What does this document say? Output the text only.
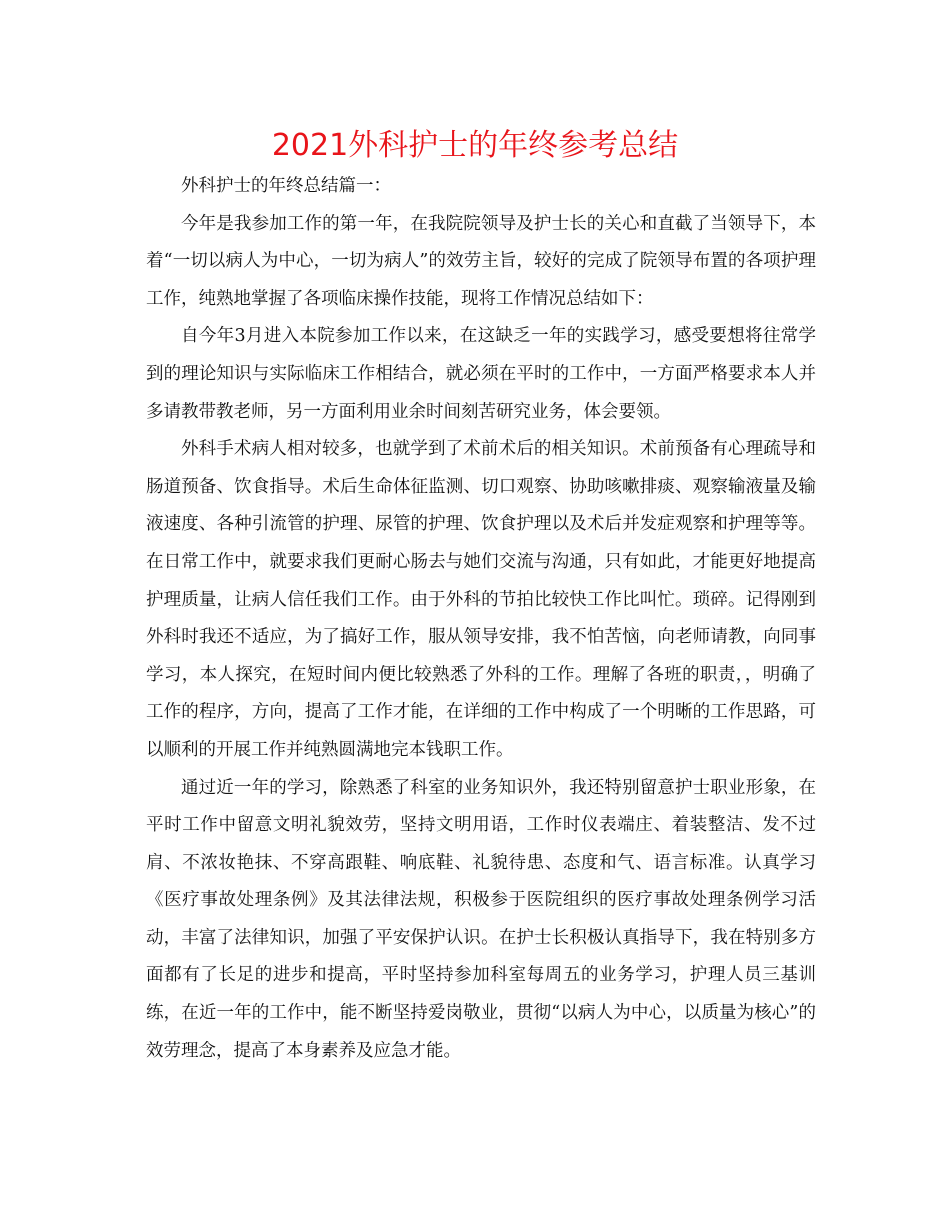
2021外科护士的年终参考总结

外科护士的年终总结篇一：

今年是我参加工作的第一年，在我院院领导及护士长的关心和直截了当领导下，本着“一切以病人为中心，一切为病人”的效劳主旨，较好的完成了院领导布置的各项护理工作，纯熟地掌握了各项临床操作技能，现将工作情况总结如下：

自今年3月进入本院参加工作以来，在这缺乏一年的实践学习，感受要想将往常学到的理论知识与实际临床工作相结合，就必须在平时的工作中，一方面严格要求本人并多请教带教老师，另一方面利用业余时间刻苦研究业务，体会要领。

外科手术病人相对较多，也就学到了术前术后的相关知识。术前预备有心理疏导和肠道预备、饮食指导。术后生命体征监测、切口观察、协助咳嗽排痰、观察输液量及输液速度、各种引流管的护理、尿管的护理、饮食护理以及术后并发症观察和护理等等。在日常工作中，就要求我们更耐心肠去与她们交流与沟通，只有如此，才能更好地提高护理质量，让病人信任我们工作。由于外科的节拍比较快工作比叫忙。琐碎。记得刚到外科时我还不适应，为了搞好工作，服从领导安排，我不怕苦恼，向老师请教，向同事学习，本人探究，在短时间内便比较熟悉了外科的工作。理解了各班的职责，，明确了工作的程序，方向，提高了工作才能，在详细的工作中构成了一个明晰的工作思路，可以顺利的开展工作并纯熟圆满地完本钱职工作。

通过近一年的学习，除熟悉了科室的业务知识外，我还特别留意护士职业形象，在平时工作中留意文明礼貌效劳，坚持文明用语，工作时仪表端庄、着装整洁、发不过肩、不浓妆艳抹、不穿高跟鞋、响底鞋、礼貌待患、态度和气、语言标准。认真学习《医疗事故处理条例》及其法律法规，积极参于医院组织的医疗事故处理条例学习活动，丰富了法律知识，加强了平安保护认识。在护士长积极认真指导下，我在特别多方面都有了长足的进步和提高，平时坚持参加科室每周五的业务学习，护理人员三基训练，在近一年的工作中，能不断坚持爱岗敬业，贯彻“以病人为中心，以质量为核心”的效劳理念，提高了本身素养及应急才能。
